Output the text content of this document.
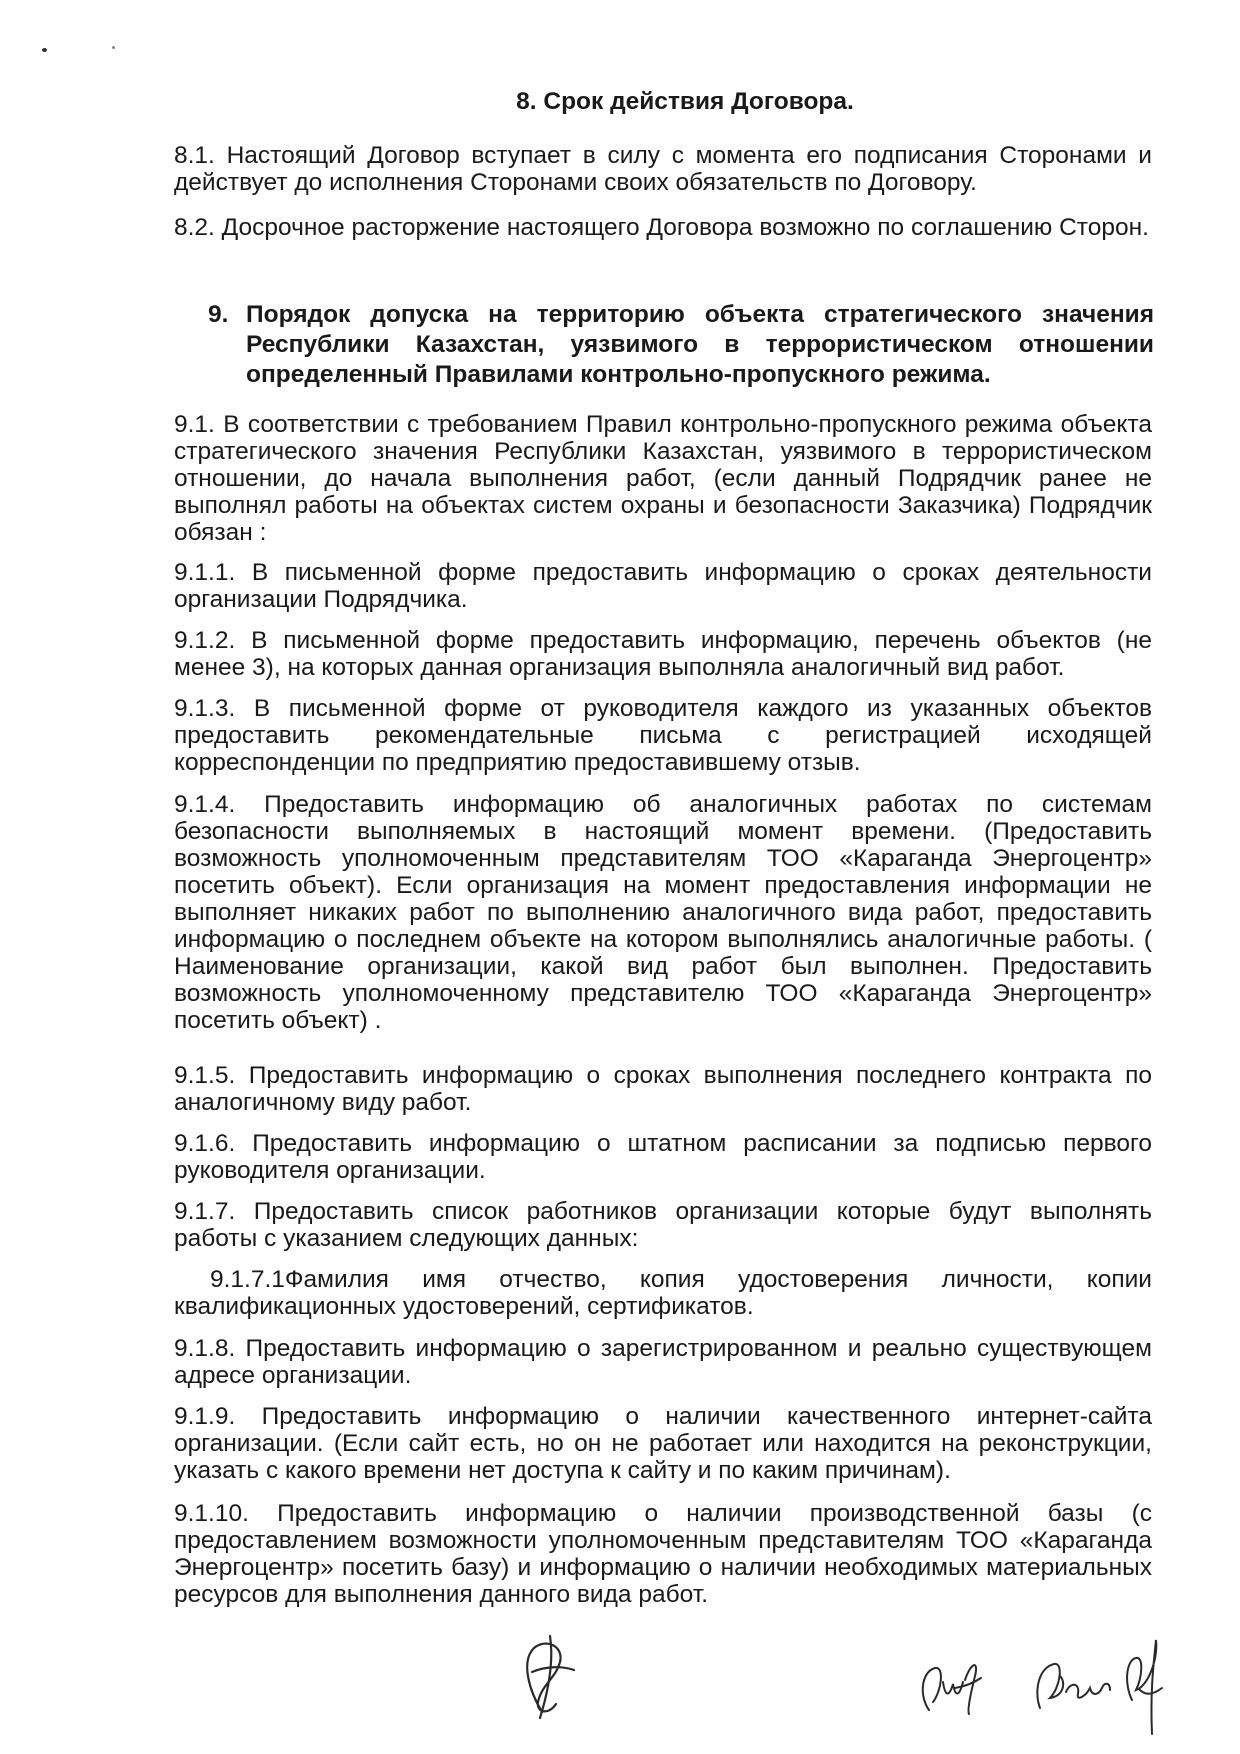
8. Срок действия Договора.

8.1. Настоящий Договор вступает в силу с момента его подписания Сторонами и действует до исполнения Сторонами своих обязательств по Договору.

8.2. Досрочное расторжение настоящего Договора возможно по соглашению Сторон.

9. Порядок допуска на территорию объекта стратегического значения Республики Казахстан, уязвимого в террористическом отношении определенный Правилами контрольно-пропускного режима.

9.1. В соответствии с требованием Правил контрольно-пропускного режима объекта стратегического значения Республики Казахстан, уязвимого в террористическом отношении, до начала выполнения работ, (если данный Подрядчик ранее не выполнял работы на объектах систем охраны и безопасности Заказчика) Подрядчик обязан :

9.1.1. В письменной форме предоставить информацию о сроках деятельности организации Подрядчика.

9.1.2. В письменной форме предоставить информацию, перечень объектов (не менее 3), на которых данная организация выполняла аналогичный вид работ.

9.1.3. В письменной форме от руководителя каждого из указанных объектов предоставить рекомендательные письма с регистрацией исходящей корреспонденции по предприятию предоставившему отзыв.

9.1.4. Предоставить информацию об аналогичных работах по системам безопасности выполняемых в настоящий момент времени. (Предоставить возможность уполномоченным представителям ТОО «Караганда Энергоцентр» посетить объект). Если организация на момент предоставления информации не выполняет никаких работ по выполнению аналогичного вида работ, предоставить информацию о последнем объекте на котором выполнялись аналогичные работы. ( Наименование организации, какой вид работ был выполнен. Предоставить возможность уполномоченному представителю ТОО «Караганда Энергоцентр» посетить объект) .

9.1.5. Предоставить информацию о сроках выполнения последнего контракта по аналогичному виду работ.

9.1.6. Предоставить информацию о штатном расписании за подписью первого руководителя организации.

9.1.7. Предоставить список работников организации которые будут выполнять работы с указанием следующих данных:

9.1.7.1Фамилия имя отчество, копия удостоверения личности, копии квалификационных удостоверений, сертификатов.

9.1.8. Предоставить информацию о зарегистрированном и реально существующем адресе организации.

9.1.9. Предоставить информацию о наличии качественного интернет-сайта организации. (Если сайт есть, но он не работает или находится на реконструкции, указать с какого времени нет доступа к сайту и по каким причинам).

9.1.10. Предоставить информацию о наличии производственной базы (с предоставлением возможности уполномоченным представителям ТОО «Караганда Энергоцентр» посетить базу) и информацию о наличии необходимых материальных ресурсов для выполнения данного вида работ.
